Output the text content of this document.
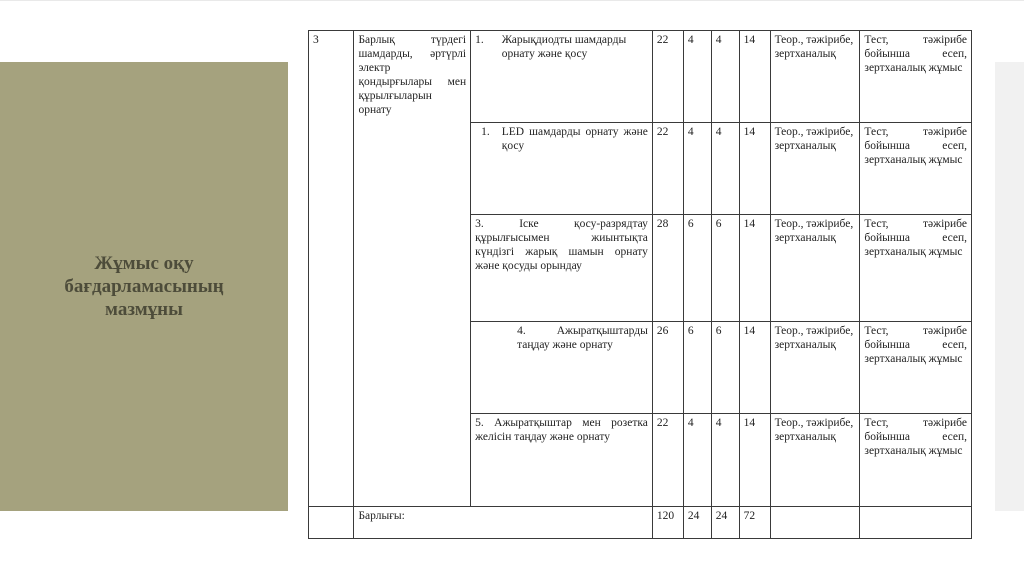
Жұмыс оқу бағдарламасының мазмұны
3	Барлық түрдегі шамдарды, әртүрлі электр қондырғылары мен құрылғыларын орнату	1. Жарықдиодты шамдарды орнату және қосу	22	4	4	14	Теор., тәжірибе, зертханалық	Тест, тәжірибе бойынша есеп, зертханалық жұмыс

		1. LED шамдарды орнату және қосу	22	4	4	14	Теор., тәжірибе, зертханалық	Тест, тәжірибе бойынша есеп, зертханалық жұмыс
		3. Іске қосу-разрядтау құрылғысымен жиынтықта күндізгі жарық шамын орнату және қосуды орындау	28	6	6	14	Теор., тәжірибе, зертханалық	Тест, тәжірибе бойынша есеп, зертханалық жұмыс

		4. Ажыратқыштарды таңдау және орнату	26	6	6	14	Теор., тәжірибе, зертханалық	Тест, тәжірибе бойынша есеп, зертханалық жұмыс
		5. Ажыратқыштар мен розетка желісін таңдау және орнату	22	4	4	14	Теор., тәжірибе, зертханалық	Тест, тәжірибе бойынша есеп, зертханалық жұмыс
	Барлығы:		120	24	24	72		
